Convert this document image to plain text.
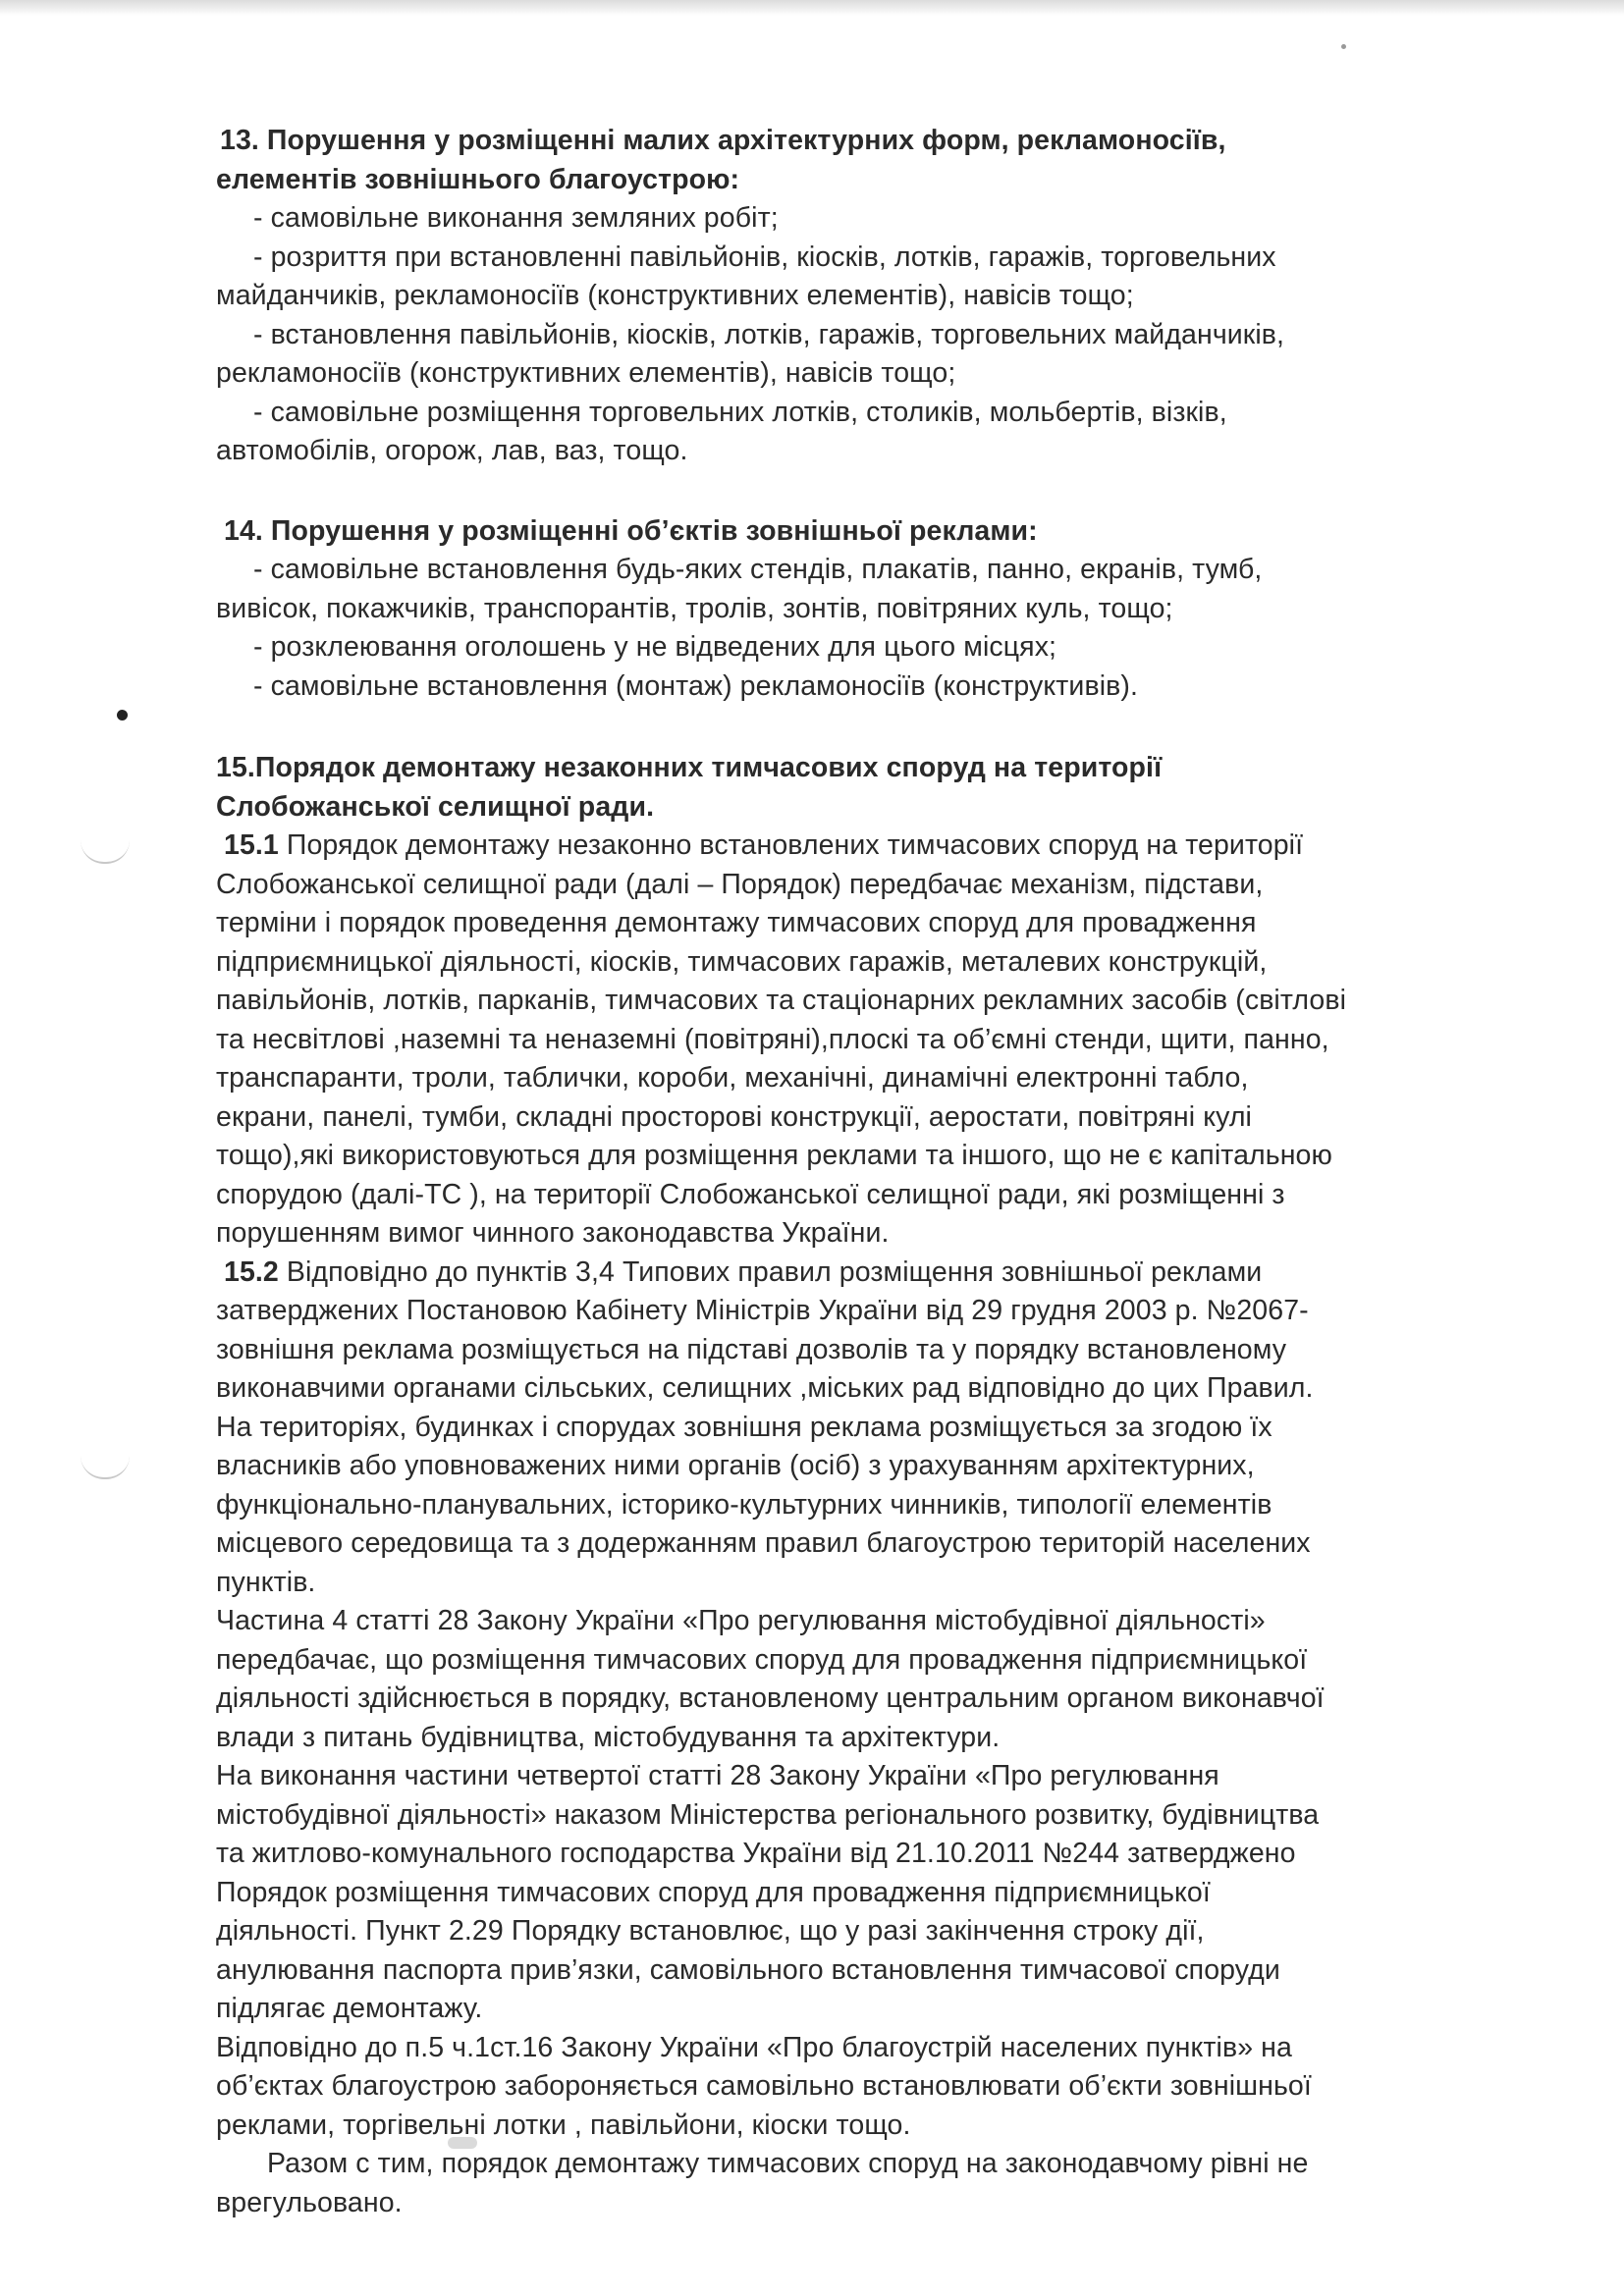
13. Порушення у розміщенні малих архітектурних форм, рекламоносіїв,

елементів зовнішнього благоустрою:

- самовільне виконання земляних робіт;

- розриття при встановленні павільйонів, кіосків, лотків, гаражів, торговельних

майданчиків, рекламоносіїв (конструктивних елементів), навісів тощо;

- встановлення павільйонів, кіосків, лотків, гаражів, торговельних майданчиків,

рекламоносіїв (конструктивних елементів), навісів тощо;

- самовільне розміщення торговельних лотків, столиків, мольбертів, візків,

автомобілів, огорож, лав, ваз, тощо.

14. Порушення у розміщенні об’єктів зовнішньої реклами:

- самовільне встановлення будь-яких стендів, плакатів, панно, екранів, тумб,

вивісок, покажчиків, транспорантів, тролів, зонтів, повітряних куль, тощо;

- розклеювання оголошень у не відведених для цього місцях;

- самовільне встановлення (монтаж) рекламоносіїв (конструктивів).

15.Порядок демонтажу незаконних тимчасових споруд на території

Слобожанської селищної ради.

15.1 Порядок демонтажу незаконно встановлених тимчасових споруд на території

Слобожанської селищної ради (далі – Порядок) передбачає механізм, підстави,

терміни і порядок проведення демонтажу тимчасових споруд для провадження

підприємницької діяльності, кіосків, тимчасових гаражів, металевих конструкцій,

павільйонів, лотків, парканів, тимчасових та стаціонарних рекламних засобів (світлові

та несвітлові ,наземні та неназемні (повітряні),плоскі та об’ємні стенди, щити, панно,

транспаранти, троли, таблички, короби, механічні, динамічні електронні табло,

екрани, панелі, тумби, складні просторові конструкції, аеростати, повітряні кулі

тощо),які використовуються для розміщення реклами та іншого, що не є капітальною

спорудою (далі-ТС ), на території Слобожанської селищної ради, які розміщенні з

порушенням вимог чинного законодавства України.

15.2 Відповідно до пунктів 3,4 Типових правил розміщення зовнішньої реклами

затверджених Постановою Кабінету Міністрів України від 29 грудня 2003 р. №2067-

зовнішня реклама розміщується на підставі дозволів та у порядку встановленому

виконавчими органами сільських, селищних ,міських рад відповідно до цих Правил.

На територіях, будинках і спорудах зовнішня реклама розміщується за згодою їх

власників або уповноважених ними органів (осіб) з урахуванням архітектурних,

функціонально-планувальних, історико-культурних чинників, типології елементів

місцевого середовища та з додержанням правил благоустрою територій населених

пунктів.

Частина 4 статті 28 Закону України «Про регулювання містобудівної діяльності»

передбачає, що розміщення тимчасових споруд для провадження підприємницької

діяльності здійснюється в порядку, встановленому центральним органом виконавчої

влади з питань будівництва, містобудування та архітектури.

На виконання частини четвертої статті 28 Закону України «Про регулювання

містобудівної діяльності» наказом Міністерства регіонального розвитку, будівництва

та житлово-комунального господарства України від 21.10.2011 №244 затверджено

Порядок розміщення тимчасових споруд для провадження підприємницької

діяльності. Пункт 2.29 Порядку встановлює, що у разі закінчення строку дії,

анулювання паспорта прив’язки, самовільного встановлення тимчасової споруди

підлягає демонтажу.

Відповідно до п.5 ч.1ст.16 Закону України «Про благоустрій населених пунктів» на

об’єктах благоустрою забороняється самовільно встановлювати об’єкти зовнішньої

реклами, торгівельні лотки , павільйони, кіоски тощо.

Разом с тим, порядок демонтажу тимчасових споруд на законодавчому рівні не

врегульовано.
